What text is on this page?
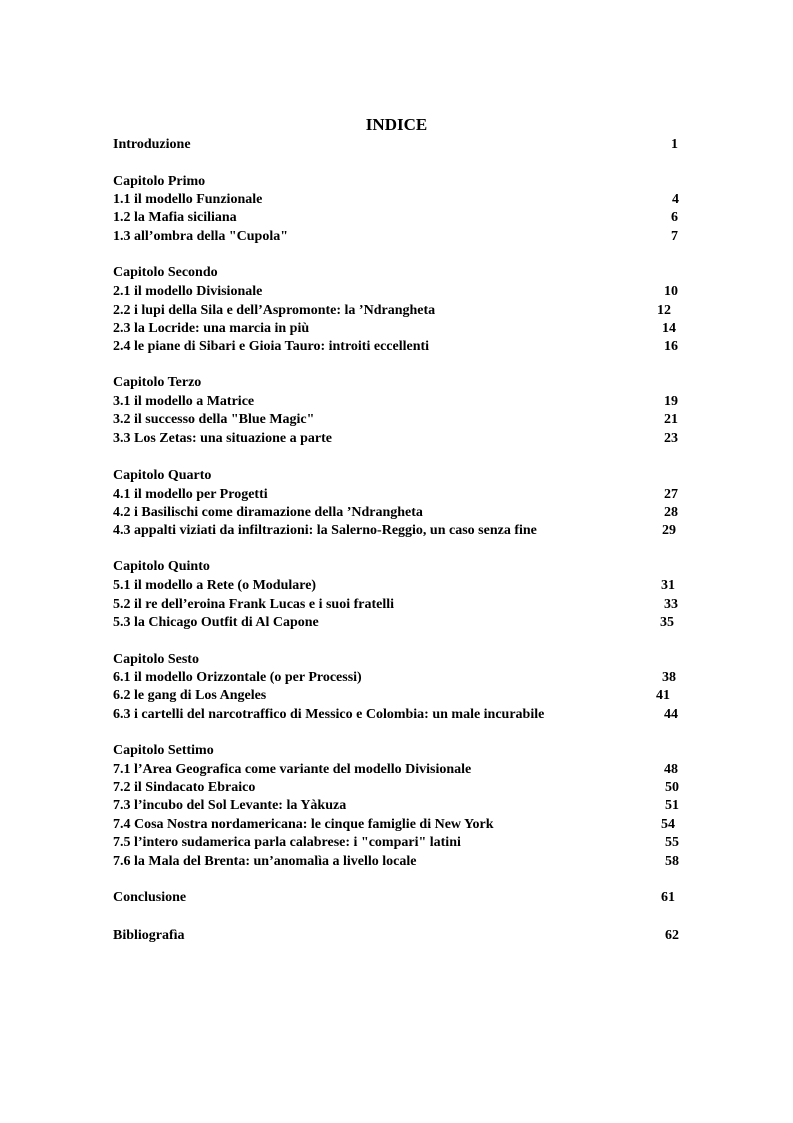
INDICE
Introduzione	1
Capitolo Primo
1.1 il modello Funzionale	4
1.2 la Mafia siciliana	6
1.3 all’ombra della "Cupola"	7
Capitolo Secondo
2.1 il modello Divisionale	10
2.2 i lupi della Sila e dell’Aspromonte: la ’Ndrangheta	12
2.3 la Locride: una marcia in più	14
2.4 le piane di Sibari e Gioia Tauro: introiti eccellenti	16
Capitolo Terzo
3.1 il modello a Matrice	19
3.2 il successo della "Blue Magic"	21
3.3 Los Zetas: una situazione a parte	23
Capitolo Quarto
4.1 il modello per Progetti	27
4.2 i Basilischi come diramazione della ’Ndrangheta	28
4.3 appalti viziati da infiltrazioni: la Salerno-Reggio, un caso senza fine	29
Capitolo Quinto
5.1 il modello a Rete (o Modulare)	31
5.2 il re dell’eroina Frank Lucas e i suoi fratelli	33
5.3 la Chicago Outfit di Al Capone	35
Capitolo Sesto
6.1 il modello Orizzontale (o per Processi)	38
6.2 le gang di Los Angeles	41
6.3 i cartelli del narcotraffico di Messico e Colombia: un male incurabile	44
Capitolo Settimo
7.1 l’Area Geografica come variante del modello Divisionale	48
7.2 il Sindacato Ebraico	50
7.3 l’incubo del Sol Levante: la Yàkuza	51
7.4 Cosa Nostra nordamericana: le cinque famiglie di New York	54
7.5 l’intero sudamerica parla calabrese: i "compari" latini	55
7.6 la Mala del Brenta: un’anomalìa a livello locale	58
Conclusione	61
Bibliografìa	62
